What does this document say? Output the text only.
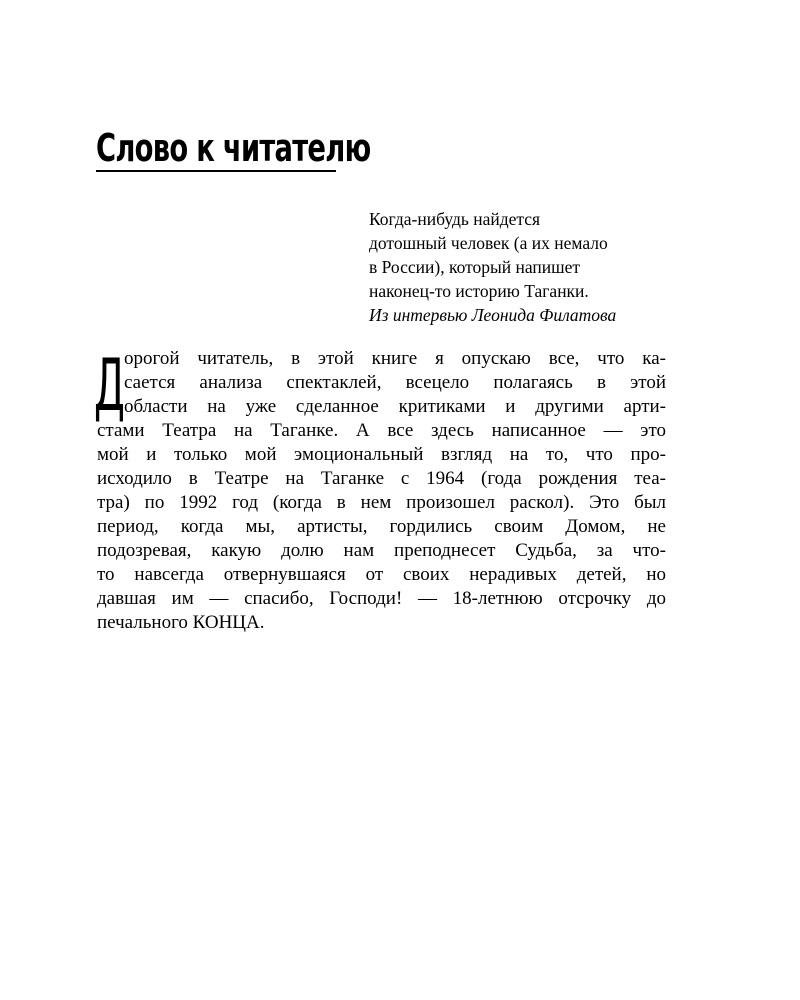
Слово к читателю
Когда-нибудь найдется
дотошный человек (а их немало
в России), который напишет
наконец-то историю Таганки.
Из интервью Леонида Филатова
Д орогой читатель, в этой книге я опускаю все, что ка-
сается анализа спектаклей, всецело полагаясь в этой
области на уже сделанное критиками и другими арти-
стами Театра на Таганке. А все здесь написанное — это
мой и только мой эмоциональный взгляд на то, что про-
исходило в Театре на Таганке с 1964 (года рождения теа-
тра) по 1992 год (когда в нем произошел раскол). Это был
период, когда мы, артисты, гордились своим Домом, не
подозревая, какую долю нам преподнесет Судьба, за что-
то навсегда отвернувшаяся от своих нерадивых детей, но
давшая им — спасибо, Господи! — 18-летнюю отсрочку до
печального КОНЦА.
